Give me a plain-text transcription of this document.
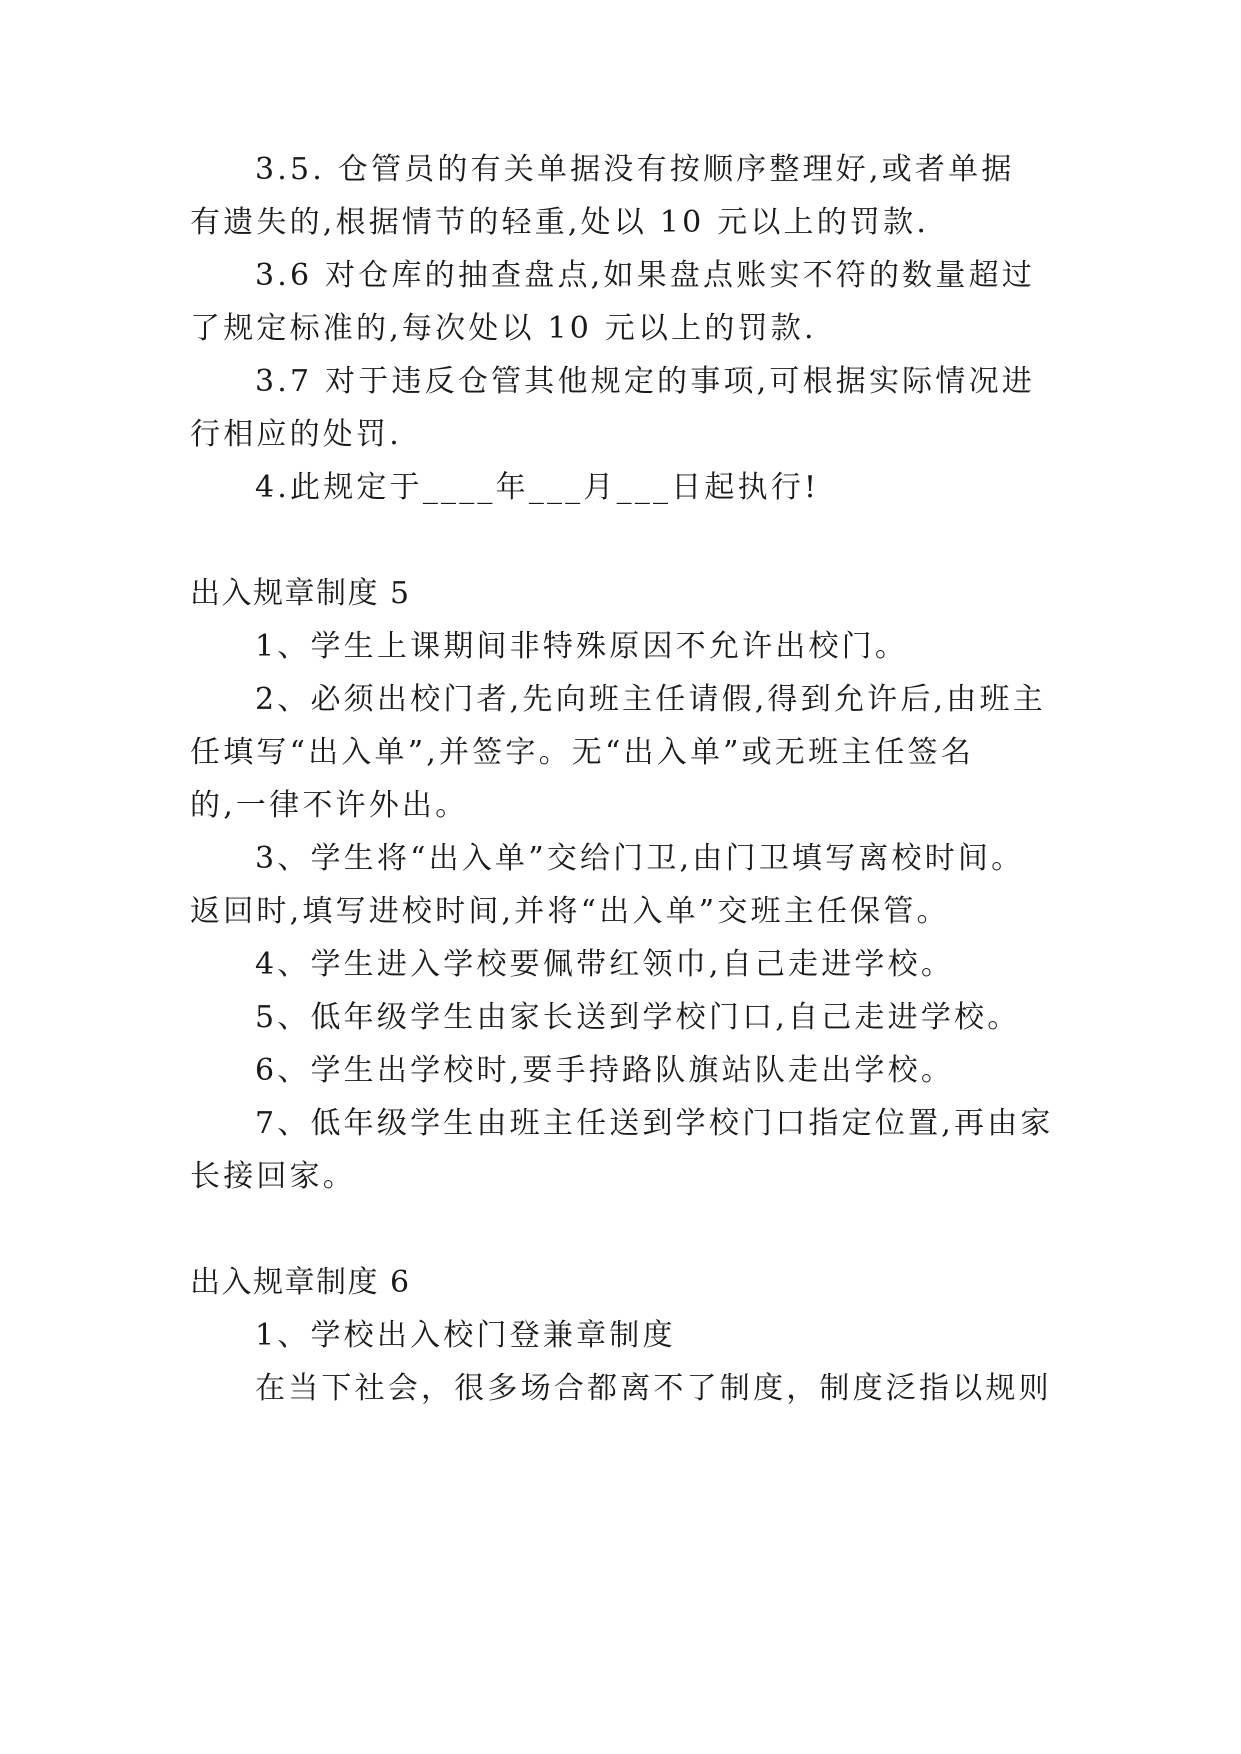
3.5. 仓管员的有关单据没有按顺序整理好,或者单据
有遗失的,根据情节的轻重,处以 10 元以上的罚款.
3.6 对仓库的抽查盘点,如果盘点账实不符的数量超过
了规定标准的,每次处以 10 元以上的罚款.
3.7 对于违反仓管其他规定的事项,可根据实际情况进
行相应的处罚.
4.此规定于____年___月___日起执行!
出入规章制度 5
1、学生上课期间非特殊原因不允许出校门。
2、必须出校门者,先向班主任请假,得到允许后,由班主
任填写“出入单”,并签字。无“出入单”或无班主任签名
的,一律不许外出。
3、学生将“出入单”交给门卫,由门卫填写离校时间。
返回时,填写进校时间,并将“出入单”交班主任保管。
4、学生进入学校要佩带红领巾,自己走进学校。
5、低年级学生由家长送到学校门口,自己走进学校。
6、学生出学校时,要手持路队旗站队走出学校。
7、低年级学生由班主任送到学校门口指定位置,再由家
长接回家。
出入规章制度 6
1、学校出入校门登兼章制度
在当下社会，很多场合都离不了制度，制度泛指以规则
